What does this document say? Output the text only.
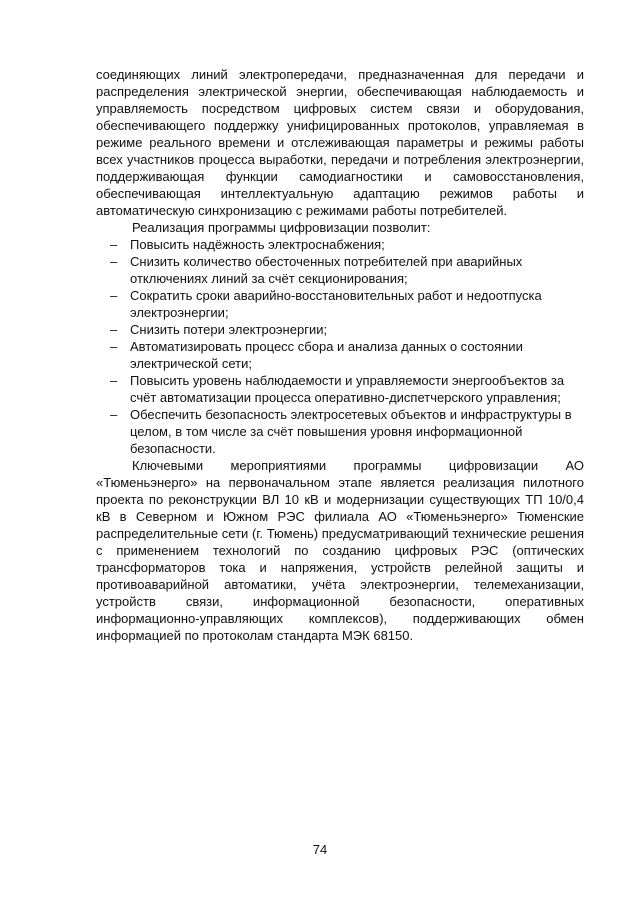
соединяющих линий электропередачи, предназначенная для передачи и распределения электрической энергии, обеспечивающая наблюдаемость и управляемость посредством цифровых систем связи и оборудования, обеспечивающего поддержку унифицированных протоколов, управляемая в режиме реального времени и отслеживающая параметры и режимы работы всех участников процесса выработки, передачи и потребления электроэнергии, поддерживающая функции самодиагностики и самовосстановления, обеспечивающая интеллектуальную адаптацию режимов работы и автоматическую синхронизацию с режимами работы потребителей.

Реализация программы цифровизации позволит:

– Повысить надёжность электроснабжения;
– Снизить количество обесточенных потребителей при аварийных отключениях линий за счёт секционирования;
– Сократить сроки аварийно-восстановительных работ и недоотпуска электроэнергии;
– Снизить потери электроэнергии;
– Автоматизировать процесс сбора и анализа данных о состоянии электрической сети;
– Повысить уровень наблюдаемости и управляемости энергообъектов за счёт автоматизации процесса оперативно-диспетчерского управления;
– Обеспечить безопасность электросетевых объектов и инфраструктуры в целом, в том числе за счёт повышения уровня информационной безопасности.

Ключевыми мероприятиями программы цифровизации АО «Тюменьэнерго» на первоначальном этапе является реализация пилотного проекта по реконструкции ВЛ 10 кВ и модернизации существующих ТП 10/0,4 кВ в Северном и Южном РЭС филиала АО «Тюменьэнерго» Тюменские распределительные сети (г. Тюмень) предусматривающий технические решения с применением технологий по созданию цифровых РЭС (оптических трансформаторов тока и напряжения, устройств релейной защиты и противоаварийной автоматики, учёта электроэнергии, телемеханизации, устройств связи, информационной безопасности, оперативных информационно-управляющих комплексов), поддерживающих обмен информацией по протоколам стандарта МЭК 68150.

74
